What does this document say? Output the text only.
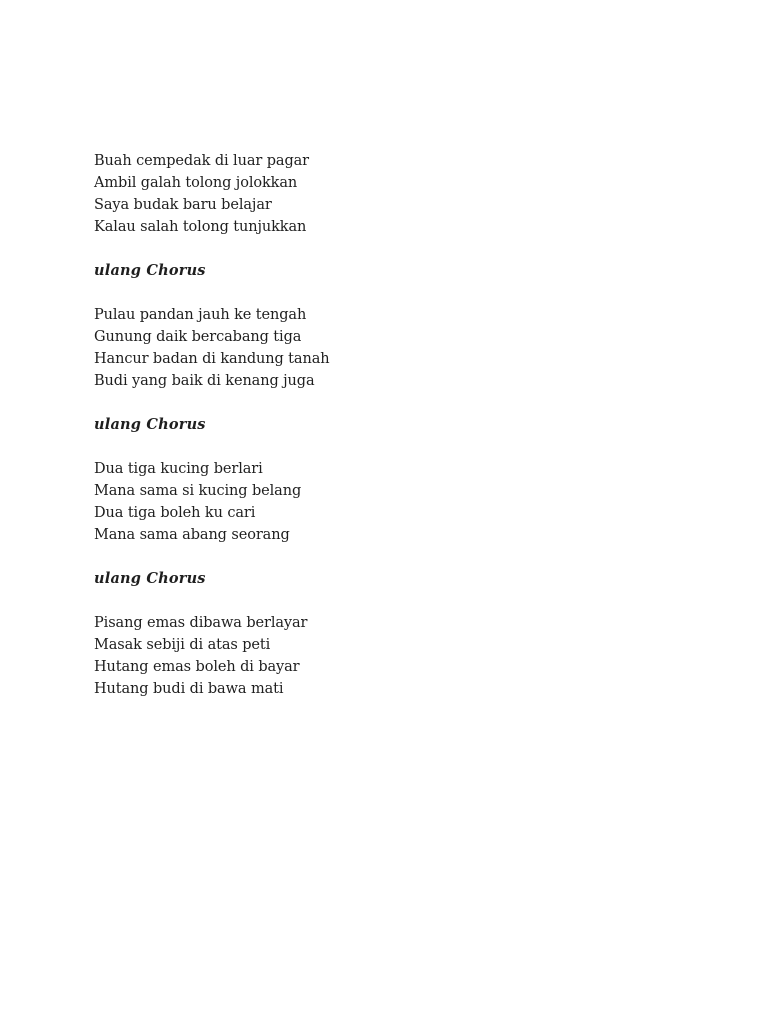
Buah cempedak di luar pagar
Ambil galah tolong jolokkan
Saya budak baru belajar
Kalau salah tolong tunjukkan
ulang Chorus
Pulau pandan jauh ke tengah
Gunung daik bercabang tiga
Hancur badan di kandung tanah
Budi yang baik di kenang juga
ulang Chorus
Dua tiga kucing berlari
Mana sama si kucing belang
Dua tiga boleh ku cari
Mana sama abang seorang
ulang Chorus
Pisang emas dibawa berlayar
Masak sebiji di atas peti
Hutang emas boleh di bayar
Hutang budi di bawa mati
